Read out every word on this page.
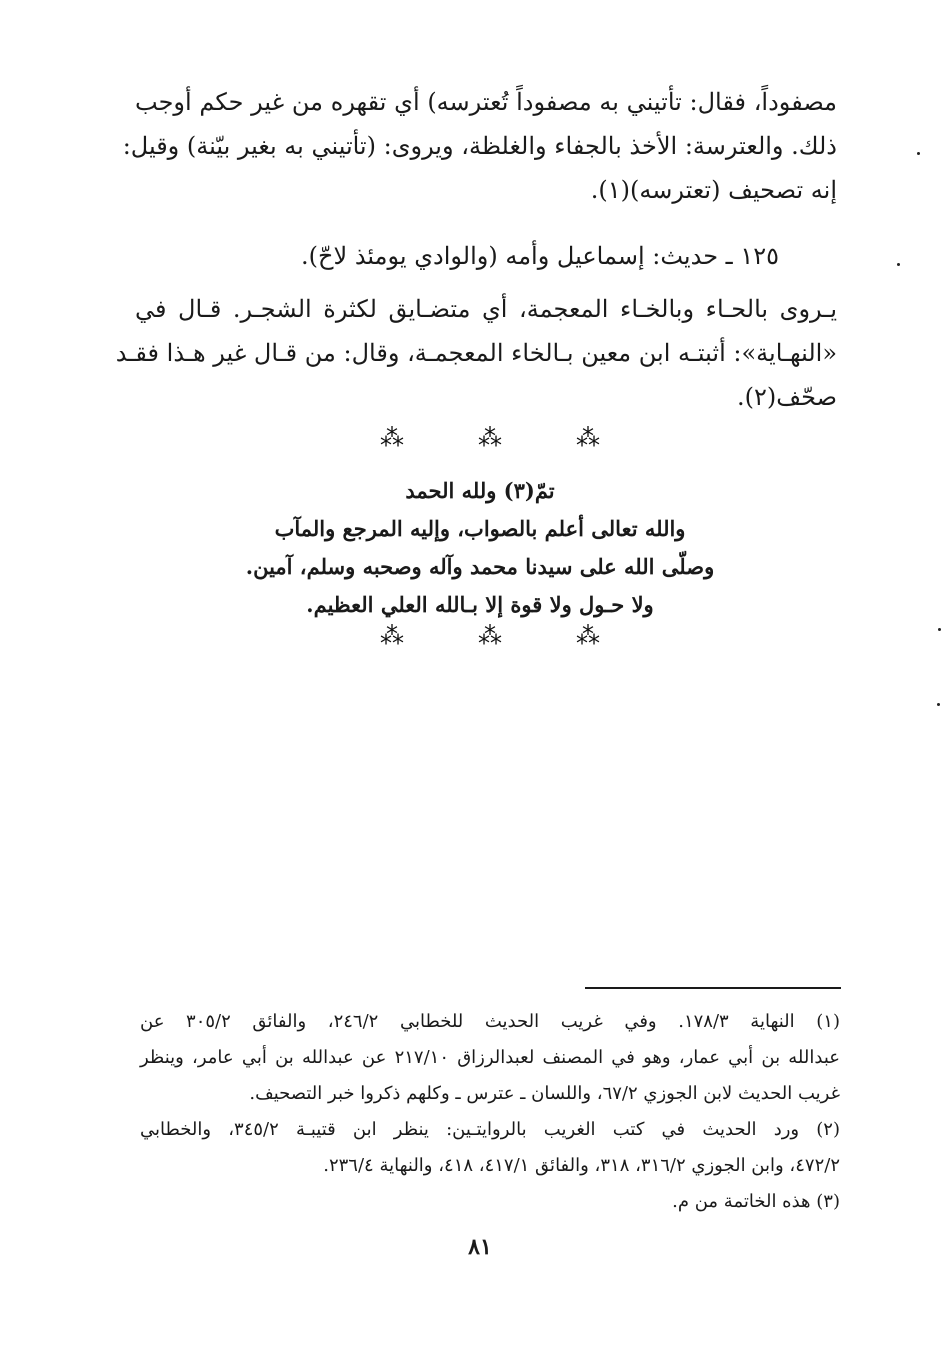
مصفوداً، فقال: تأتيني به مصفوداً تُعترسه) أي تقهره من غير حكم أوجب
ذلك. والعترسة: الأخذ بالجفاء والغلظة، ويروى: (تأتيني به بغير بيّنة) وقيل:
إنه تصحيف (تعترسه)(١).
١٢٥ ـ حديث: إسماعيل وأمه (والوادي يومئذ لاحّ).
يـروى بالحـاء وبالخـاء المعجمة، أي متضـايق لكثرة الشجـر. قـال في
«النهـاية»: أثبتـه ابن معين بـالخاء المعجمـة، وقال: من قـال غير هـذا فقـد
صحّف(٢).
⁂	⁂	⁂
تمّ(٣) ولله الحمد
والله تعالى أعلم بالصواب، وإليه المرجع والمآب
وصلّى الله على سيدنا محمد وآله وصحبه وسلم، آمين.
ولا حـول ولا قوة إلا بـالله العلي العظيم.
⁂	⁂	⁂
(١) النهاية ١٧٨/٣. وفي غريب الحديث للخطابي ٢٤٦/٢، والفائق ٣٠٥/٢ عن
عبدالله بن أبي عمار، وهو في المصنف لعبدالرزاق ٢١٧/١٠ عن عبدالله بن أبي عامر، وينظر
غريب الحديث لابن الجوزي ٦٧/٢، واللسان ـ عترس ـ وكلهم ذكروا خبر التصحيف.
(٢) ورد الحديث في كتب الغريب بالروايتـين: ينظر ابن قتيبـة ٣٤٥/٢، والخطابي
٤٧٢/٢، وابن الجوزي ٣١٦/٢، ٣١٨، والفائق ٤١٧/١، ٤١٨، والنهاية ٢٣٦/٤.
(٣) هذه الخاتمة من م.
٨١
